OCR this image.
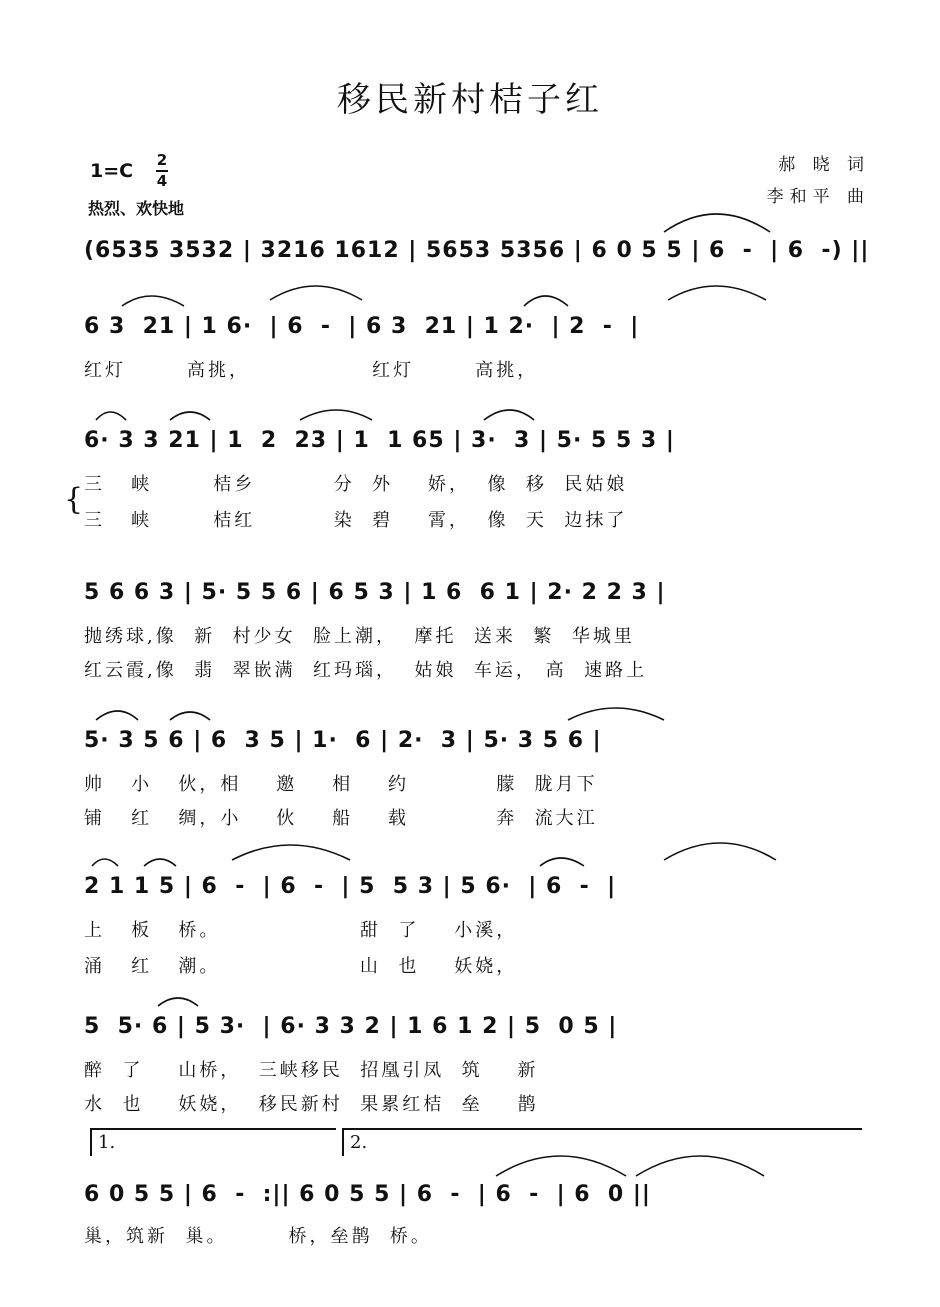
移民新村桔子红
1=C 2
4
热烈、欢快地
郝 晓 词
李和平 曲
(6535 3532 | 3216 1612 | 5653 5356 | 6 0 5 5 | 6  -  | 6  -) ||
6 3  21 | 1 6·  | 6  -  | 6 3  21 | 1 2·  | 2  -  |
红灯       高挑，              红灯       高挑，
6· 3 3 21 | 1  2  23 | 1  1 65 | 3·  3 | 5· 5 5 3 |
{ 三   峡       桔乡         分  外    娇，  像  移  民姑娘
三   峡       桔红         染  碧    霄，  像  天  边抹了
5 6 6 3 | 5· 5 5 6 | 6 5 3 | 1 6  6 1 | 2· 2 2 3 |
抛绣球,像  新  村少女  脸上潮，  摩托  送来  繁  华城里
红云霞,像  翡  翠嵌满  红玛瑙，  姑娘  车运， 高  速路上
5· 3 5 6 | 6  3 5 | 1·  6 | 2·  3 | 5· 3 5 6 |
帅   小   伙，相    邀    相    约          朦  胧月下
铺   红   绸，小    伙    船    载          奔  流大江
2 1 1 5 | 6  -  | 6  -  | 5  5 3 | 5 6·  | 6  -  |
上   板   桥。                甜  了    小溪，
涌   红   潮。                山  也    妖娆，
5  5· 6 | 5 3·  | 6· 3 3 2 | 1 6 1 2 | 5  0 5 |
醉  了    山桥，  三峡移民  招凰引凤  筑    新
水  也    妖娆，  移民新村  果累红桔  垒    鹊
1.	2.
6 0 5 5 | 6  -  :|| 6 0 5 5 | 6  -  | 6  -  | 6  0 ||
巢，筑新  巢。       桥，垒鹊  桥。
